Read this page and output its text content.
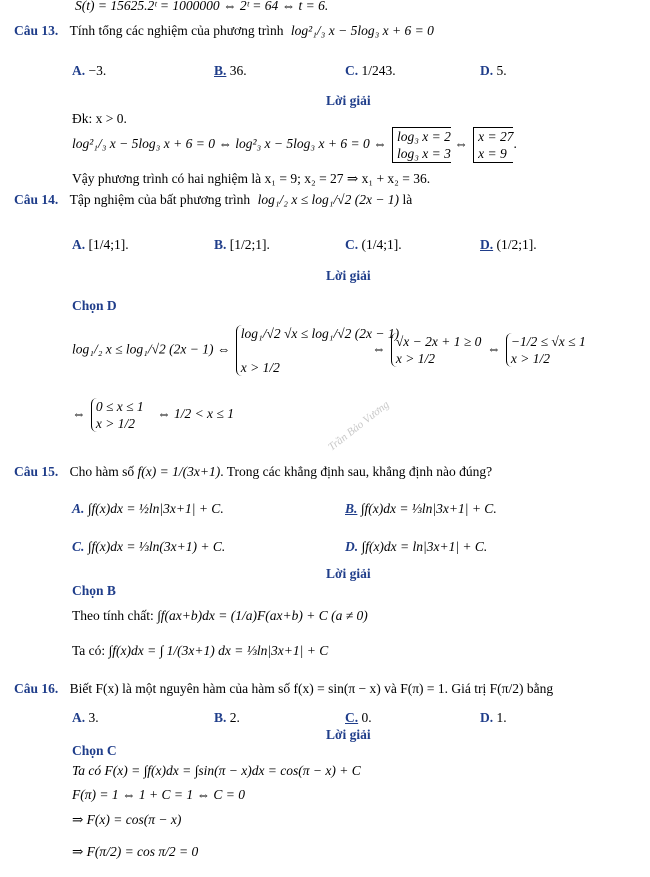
S(t) = 15625.2ᵗ = 1000000 ⇔ 2ᵗ = 64 ⇔ t = 6.
Câu 13. Tính tổng các nghiệm của phương trình log²₁/₃ x − 5log₃ x + 6 = 0
A. −3.	B. 36.	C. 1/243.	D. 5.
Lời giải
Đk: x > 0.
log²₁/₃ x − 5log₃ x + 6 = 0 ⇔ log²₃ x − 5log₃ x + 6 = 0 ⇔ log₃ x = 2
log₃ x = 3 ⇔ x = 27
x = 9.
Vậy phương trình có hai nghiệm là x₁ = 9; x₂ = 27 ⇒ x₁ + x₂ = 36.
Câu 14. Tập nghiệm của bất phương trình log₁/₂ x ≤ log₁/√2 (2x − 1) là
A. [1/4;1].	B. [1/2;1].	C. (1/4;1].	D. (1/2;1].
Lời giải
Chọn D
log₁/₂ x ≤ log₁/√2 (2x − 1) ⇔ log₁/√2 √x ≤ log₁/√2 (2x − 1)

x > 1/2
⇔ √x − 2x + 1 ≥ 0
x > 1/2
⇔ −1/2 ≤ √x ≤ 1
x > 1/2
⇔ 0 ≤ x ≤ 1
x > 1/2 ⇔ 1/2 < x ≤ 1	Trần Bảo Vương
Câu 15. Cho hàm số f(x) = 1/(3x+1). Trong các khẳng định sau, khẳng định nào đúng?
A. ∫f(x)dx = ½ln|3x+1| + C.	B. ∫f(x)dx = ⅓ln|3x+1| + C.
C. ∫f(x)dx = ⅓ln(3x+1) + C.	D. ∫f(x)dx = ln|3x+1| + C.
Lời giải
Chọn B
Theo tính chất: ∫f(ax+b)dx = (1/a)F(ax+b) + C (a ≠ 0)
Ta có: ∫f(x)dx = ∫ 1/(3x+1) dx = ⅓ln|3x+1| + C
Câu 16. Biết F(x) là một nguyên hàm của hàm số f(x) = sin(π − x) và F(π) = 1. Giá trị F(π/2) bằng
A. 3.	B. 2.	C. 0.	D. 1.
Lời giải
Chọn C
Ta có F(x) = ∫f(x)dx = ∫sin(π − x)dx = cos(π − x) + C
F(π) = 1 ⇔ 1 + C = 1 ⇔ C = 0
⇒ F(x) = cos(π − x)
⇒ F(π/2) = cos π/2 = 0
